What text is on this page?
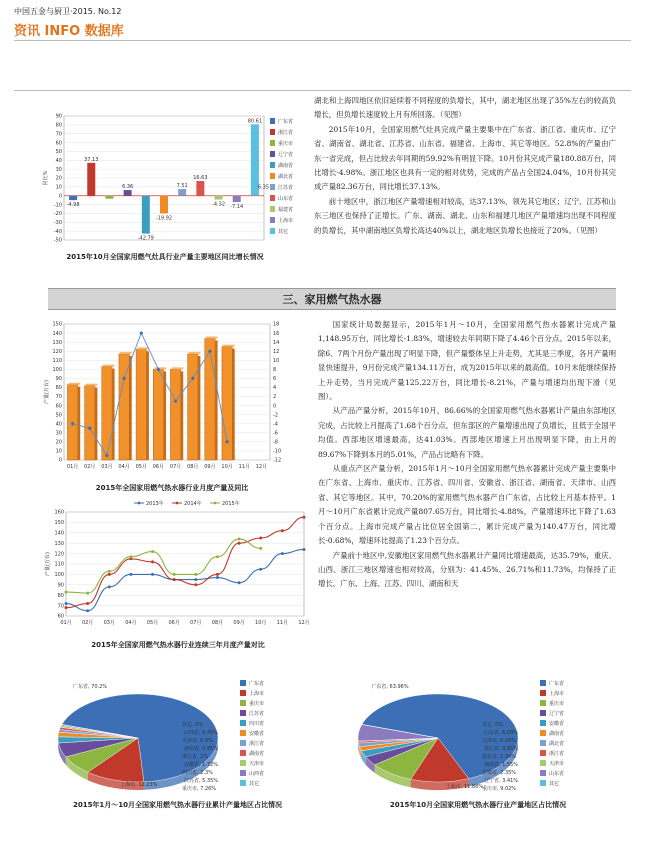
中国五金与厨卫·2015. No.12
资讯 INFO 数据库
-50
-40
-30
-20
-10
0
10
20
30
40
50
60
70
80
90
同比%
-4.98
37.13
6.36
-42.79
-19.92
7.51
16.63
-4.32 -7.14
80.61
6.35
广东省
浙江省
重庆市
辽宁省
湖南省
湖北省
江苏省
山东省
福建省
上海市
其它
2015年10月全国家用燃气灶具行业产量主要地区同比增长情况

湖北和上海四地区依旧延续着不同程度的负增长，其中，湖北地区出现了35%左右的较高负增长，但负增长速度较上月有所回落。（见图）

2015年10月，全国家用燃气灶具完成产量主要集中在广东省、浙江省、重庆市、辽宁省、湖南省、湖北省、江苏省、山东省、福建省、上海市、其它等地区。52.8%的产量由广东一省完成，但占比较去年同期的59.92%有明显下降。10月份其完成产量180.88万台，同比增长-4.98%。浙江地区也具有一定的相对优势，完成的产品占全国24.04%，10月份其完成产量82.36万台，同比增长37.13%。

前十地区中，浙江地区产量增速相对较高，达37.13%，领先其它地区；辽宁、江苏和山东三地区也保持了正增长。广东、湖南、湖北、山东和福建几地区产量增速均出现不同程度的负增长，其中湖南地区负增长高达40%以上，湖北地区负增长也接近了20%。（见图）

三、家用燃气热水器
0
10
20
30
40
50
60
70
80
90
100
110
120
130
140
150
-12
-10
-8
-6
-4
-2
0
2
4
6
8
10
12
14
16
18
产量(万台)
01月 02月 03月 04月 05月 06月 07月 08月 09月 10月 11月 12月
2015年全国家用燃气热水器行业月度产量及同比
2013年	2014年	2015年
60
70
80
90
100
110
120
130
140
150
160
产量(万台)
01月 02月 03月 04月 05月 06月 07月 08月 09月 10月 11月 12月
2015年全国家用燃气热水器行业连续三年月度产量对比

国家统计局数据显示，2015年1月～10月，全国家用燃气热水器累计完成产量1,148.95万台，同比增长-1.83%，增速较去年同期下降了4.46个百分点。2015年以来，除6、7两个月份产量出现了明显下降，但产量整体呈上升走势，尤其是三季度，各月产量明显快速提升，9月份完成产量134.11万台，成为2015年以来的最高值。10月未能继续保持上升走势，当月完成产量125.22万台，同比增长-8.21%，产量与增速均出现下滑（见图）。

从产品产量分析，2015年10月，86.66%的全国家用燃气热水器累计产量由东部地区完成，占比较上月提高了1.68个百分点，但东部区的产量增速出现了负增长，且低于全国平均值。西部地区增速最高，达41.03%。西部地区增速上月出现明显下降，由上月的89.67%下降到本月的5.01%，产品占比略有下降。

从重点产区产量分析，2015年1月～10月全国家用燃气热水器累计完成产量主要集中在广东省、上海市、重庆市、江苏省、四川省、安徽省、浙江省、湖南省、天津市、山西省、其它等地区。其中，70.20%的家用燃气热水器产自广东省，占比较上月基本持平。1月～10月广东省累计完成产量807.65万台，同比增长-4.88%，产量增速环比下降了1.63个百分点。上海市完成产量占比位居全国第二，累计完成产量为140.47万台，同比增长-0.68%，增速环比提高了1.23个百分点。

产量前十地区中,安徽地区家用燃气热水器累计产量同比增速最高，达35.79%，重庆、山西、浙江三地区增速也相对较高，分别为：41.45%、26.71%和11.73%，均保持了正增长。广东、上海、江苏、四川、湖南和天

广东省, 70.2%
上海市, 12.23%
重庆市, 7.26%
江苏省, 5.35%
四川省, 2.3%
安徽省, 1.72%
浙江省, 1%
湖南省, 0.85%
天津市, 0.6%
山西省, 0.45%
其它, 0%
广东省
上海市
重庆市
江苏省
四川省
安徽省
浙江省
湖南省
天津市
山西省
其它
2015年1月～10月全国家用燃气热水器行业累计产量地区占比情况
广东省, 63.96%
上海市, 11.88%
重庆市, 9.02%
辽宁省, 3.41%
安徽省, 2.35%
湖南省, 1.55%
湖北省, 1.34%
浙江省, 0.65%
天津市, 0.08%
山东省, 6.09%
其它, 0%
广东省
上海市
重庆市
辽宁省
安徽省
湖南省
湖北省
浙江省
天津市
山东省
其它
2015年10月全国家用燃气热水器行业产量地区占比情况
